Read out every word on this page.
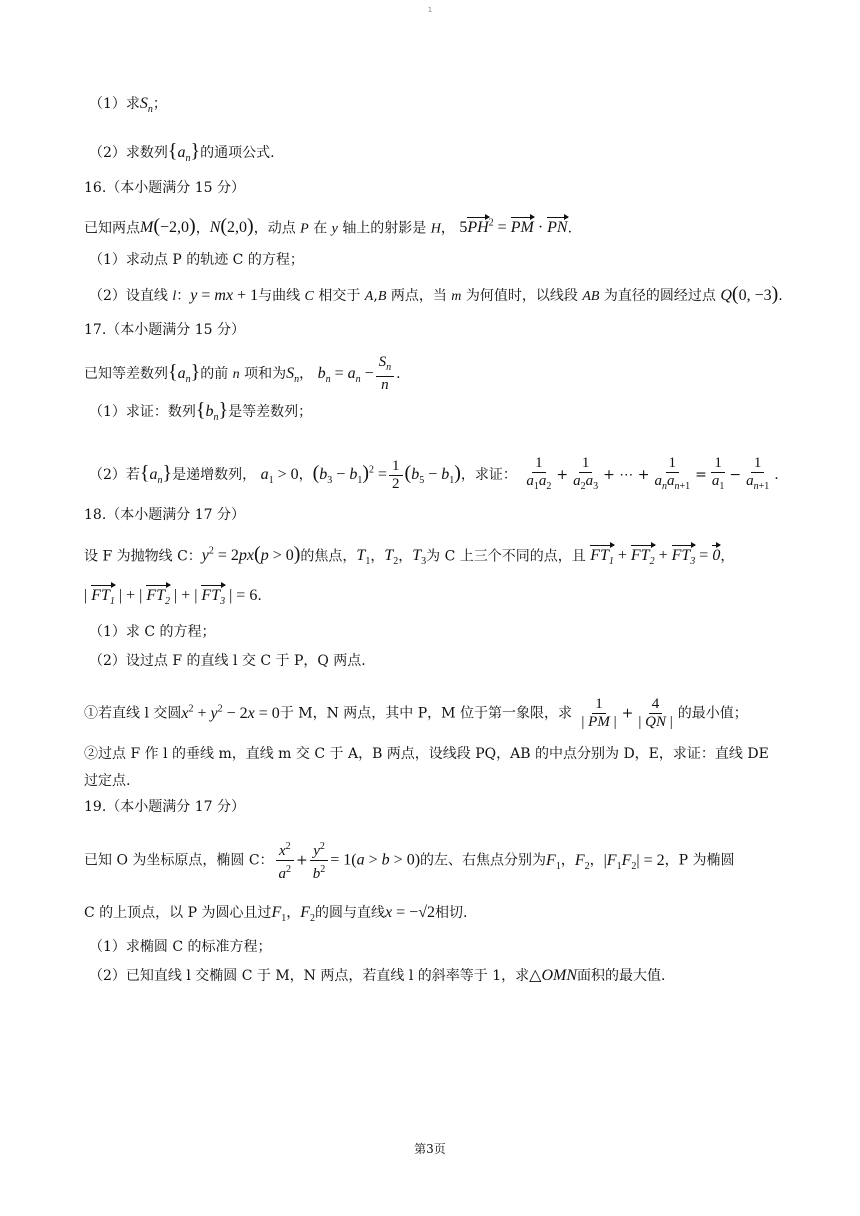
1
（1）求$S_n$；
（2）求数列$\{a_n\}$的通项公式.
16.（本小题满分 15 分）
已知两点M(−2,0)，N(2,0)，动点 P 在 y 轴上的射影是 H， $5PH^2$ = PM · PN.
（1）求动点 P 的轨迹 C 的方程；
（2）设直线 l：y = mx + 1与曲线 C 相交于 A,B 两点，当 m 为何值时，以线段 AB 为直径的圆经过点 Q(0, −3).
17.（本小题满分 15 分）
已知等差数列$\{a_n\}$的前 n 项和为$S_n$， $b_n = a_n - \frac{S_n}{n}$ .
（1）求证：数列$\{b_n\}$是等差数列；
（2）若$\{a_n\}$是递增数列， $a_1 > 0$，$(b_3 - b_1)^2 = \frac{1}{2} (b_5 - b_1)$，求证： $\frac{1}{a_1a_2} + \frac{1}{a_2a_3}$ + ⋯ + $\frac{1}{a_na_{n+1}} = \frac{1}{a_1} - \frac{1}{a_{n+1}}$ .
18.（本小题满分 17 分）
设 F 为抛物线 C：$y^2 = 2px(p > 0)$的焦点，$T_1$，$T_2$，$T_3$为 C 上三个不同的点，且 $FT_1 + FT_2 + FT_3 = 0$，
| $FT_1$ | + | $FT_2$ | + | $FT_3$ | = 6.
（1）求 C 的方程；
（2）设过点 F 的直线 l 交 C 于 P，Q 两点.
①若直线 l 交圆$x^2 + y^2 - 2x = 0$于 M，N 两点，其中 P，M 位于第一象限，求 $\frac{1}{| PM |} + \frac{4}{| QN |}$ 的最小值；
②过点 F 作 l 的垂线 m，直线 m 交 C 于 A，B 两点，设线段 PQ，AB 的中点分别为 D，E，求证：直线 DE
过定点.
19.（本小题满分 17 分）
已知 O 为坐标原点，椭圆 C： $\frac{x^2}{a^2} + \frac{y^2}{b^2} = 1(a > b > 0)$的左、右焦点分别为$F_1$，$F_2$，$|F_1F_2| = 2$，P 为椭圆
C 的上顶点，以 P 为圆心且过$F_1$，$F_2$的圆与直线x = −√2相切.
（1）求椭圆 C 的标准方程；
（2）已知直线 l 交椭圆 C 于 M，N 两点，若直线 l 的斜率等于 1，求△OMN面积的最大值.
第3页
